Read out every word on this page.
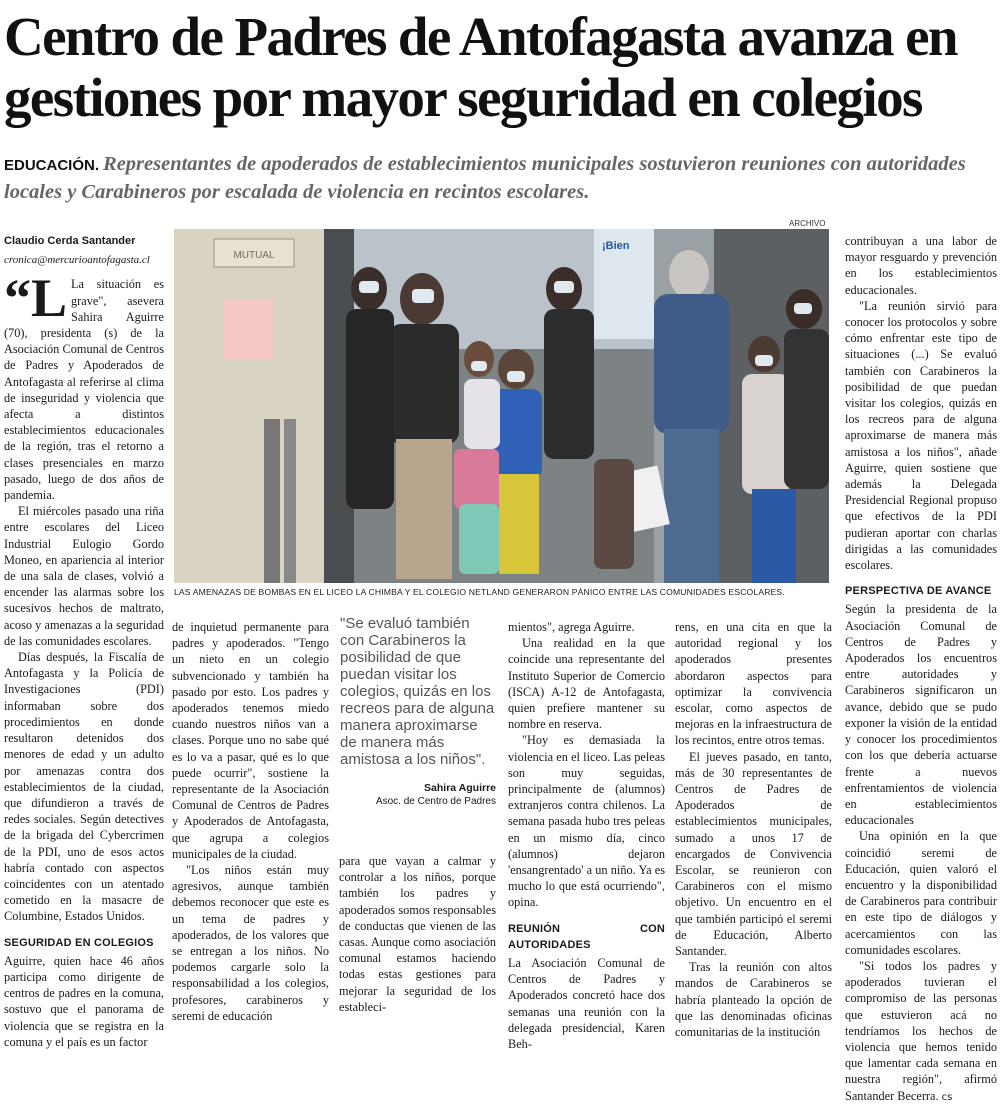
Centro de Padres de Antofagasta avanza en gestiones por mayor seguridad en colegios

EDUCACIÓN. Representantes de apoderados de establecimientos municipales sostuvieron reuniones con autoridades locales y Carabineros por escalada de violencia en recintos escolares.

Claudio Cerda Santander
cronica@mercurioantofagasta.cl

“L La situación es grave", asevera Sahira Aguirre (70), presidenta (s) de la Asociación Comunal de Centros de Padres y Apoderados de Antofagasta al referirse al clima de inseguridad y violencia que afecta a distintos establecimientos educacionales de la región, tras el retorno a clases presenciales en marzo pasado, luego de dos años de pandemia.

El miércoles pasado una riña entre escolares del Liceo Industrial Eulogio Gordo Moneo, en apariencia al interior de una sala de clases, volvió a encender las alarmas sobre los sucesivos hechos de maltrato, acoso y amenazas a la seguridad de las comunidades escolares.

Días después, la Fiscalía de Antofagasta y la Policía de Investigaciones (PDI) informaban sobre dos procedimientos en donde resultaron detenidos dos menores de edad y un adulto por amenazas contra dos establecimientos de la ciudad, que difundieron a través de redes sociales. Según detectives de la brigada del Cybercrimen de la PDI, uno de esos actos habría contado con aspectos coincidentes con un atentado cometido en la masacre de Columbine, Estados Unidos.

SEGURIDAD EN COLEGIOS

Aguirre, quien hace 46 años participa como dirigente de centros de padres en la comuna, sostuvo que el panorama de violencia que se registra en la comuna y el país es un factor

ARCHIVO
¡Bien
MUTUAL
LAS AMENAZAS DE BOMBAS EN EL LICEO LA CHIMBA Y EL COLEGIO NETLAND GENERARON PÁNICO ENTRE LAS COMUNIDADES ESCOLARES.

de inquietud permanente para padres y apoderados. "Tengo un nieto en un colegio subvencionado y también ha pasado por esto. Los padres y apoderados tenemos miedo cuando nuestros niños van a clases. Porque uno no sabe qué es lo va a pasar, qué es lo que puede ocurrir", sostiene la representante de la Asociación Comunal de Centros de Padres y Apoderados de Antofagasta, que agrupa a colegios municipales de la ciudad.

"Los niños están muy agresivos, aunque también debemos reconocer que este es un tema de padres y apoderados, de los valores que se entregan a los niños. No podemos cargarle solo la responsabilidad a los colegios, profesores, carabineros y seremi de educación

"Se evaluó también con Carabineros la posibilidad de que puedan visitar los colegios, quizás en los recreos para de alguna manera aproximarse de manera más amistosa a los niños".
Sahira Aguirre
Asoc. de Centro de Padres

para que vayan a calmar y controlar a los niños, porque también los padres y apoderados somos responsables de conductas que vienen de las casas. Aunque como asociación comunal estamos haciendo todas estas gestiones para mejorar la seguridad de los estableci-

mientos", agrega Aguirre.

Una realidad en la que coincide una representante del Instituto Superior de Comercio (ISCA) A-12 de Antofagasta, quien prefiere mantener su nombre en reserva.

"Hoy es demasiada la violencia en el liceo. Las peleas son muy seguidas, principalmente de (alumnos) extranjeros contra chilenos. La semana pasada hubo tres peleas en un mismo día, cinco (alumnos) dejaron 'ensangrentado' a un niño. Ya es mucho lo que está ocurriendo", opina.

REUNIÓN CON AUTORIDADES

La Asociación Comunal de Centros de Padres y Apoderados concretó hace dos semanas una reunión con la delegada presidencial, Karen Beh-

rens, en una cita en que la autoridad regional y los apoderados presentes abordaron aspectos para optimizar la convivencia escolar, como aspectos de mejoras en la infraestructura de los recintos, entre otros temas.

El jueves pasado, en tanto, más de 30 representantes de Centros de Padres de Apoderados de establecimientos municipales, sumado a unos 17 de encargados de Convivencia Escolar, se reunieron con Carabineros con el mismo objetivo. Un encuentro en el que también participó el seremi de Educación, Alberto Santander.

Tras la reunión con altos mandos de Carabineros se habría planteado la opción de que las denominadas oficinas comunitarias de la institución

contribuyan a una labor de mayor resguardo y prevención en los establecimientos educacionales.

"La reunión sirvió para conocer los protocolos y sobre cómo enfrentar este tipo de situaciones (...) Se evaluó también con Carabineros la posibilidad de que puedan visitar los colegios, quizás en los recreos para de alguna aproximarse de manera más amistosa a los niños", añade Aguirre, quien sostiene que además la Delegada Presidencial Regional propuso que efectivos de la PDI pudieran aportar con charlas dirigidas a las comunidades escolares.

PERSPECTIVA DE AVANCE

Según la presidenta de la Asociación Comunal de Centros de Padres y Apoderados los encuentros entre autoridades y Carabineros significaron un avance, debido que se pudo exponer la visión de la entidad y conocer los procedimientos con los que debería actuarse frente a nuevos enfrentamientos de violencia en establecimientos educacionales

Una opinión en la que coincidió seremi de Educación, quien valoró el encuentro y la disponibilidad de Carabineros para contribuir en este tipo de diálogos y acercamientos con las comunidades escolares.

"Si todos los padres y apoderados tuvieran el compromiso de las personas que estuvieron acá no tendríamos los hechos de violencia que hemos tenido que lamentar cada semana en nuestra región", afirmó Santander Becerra. cs
